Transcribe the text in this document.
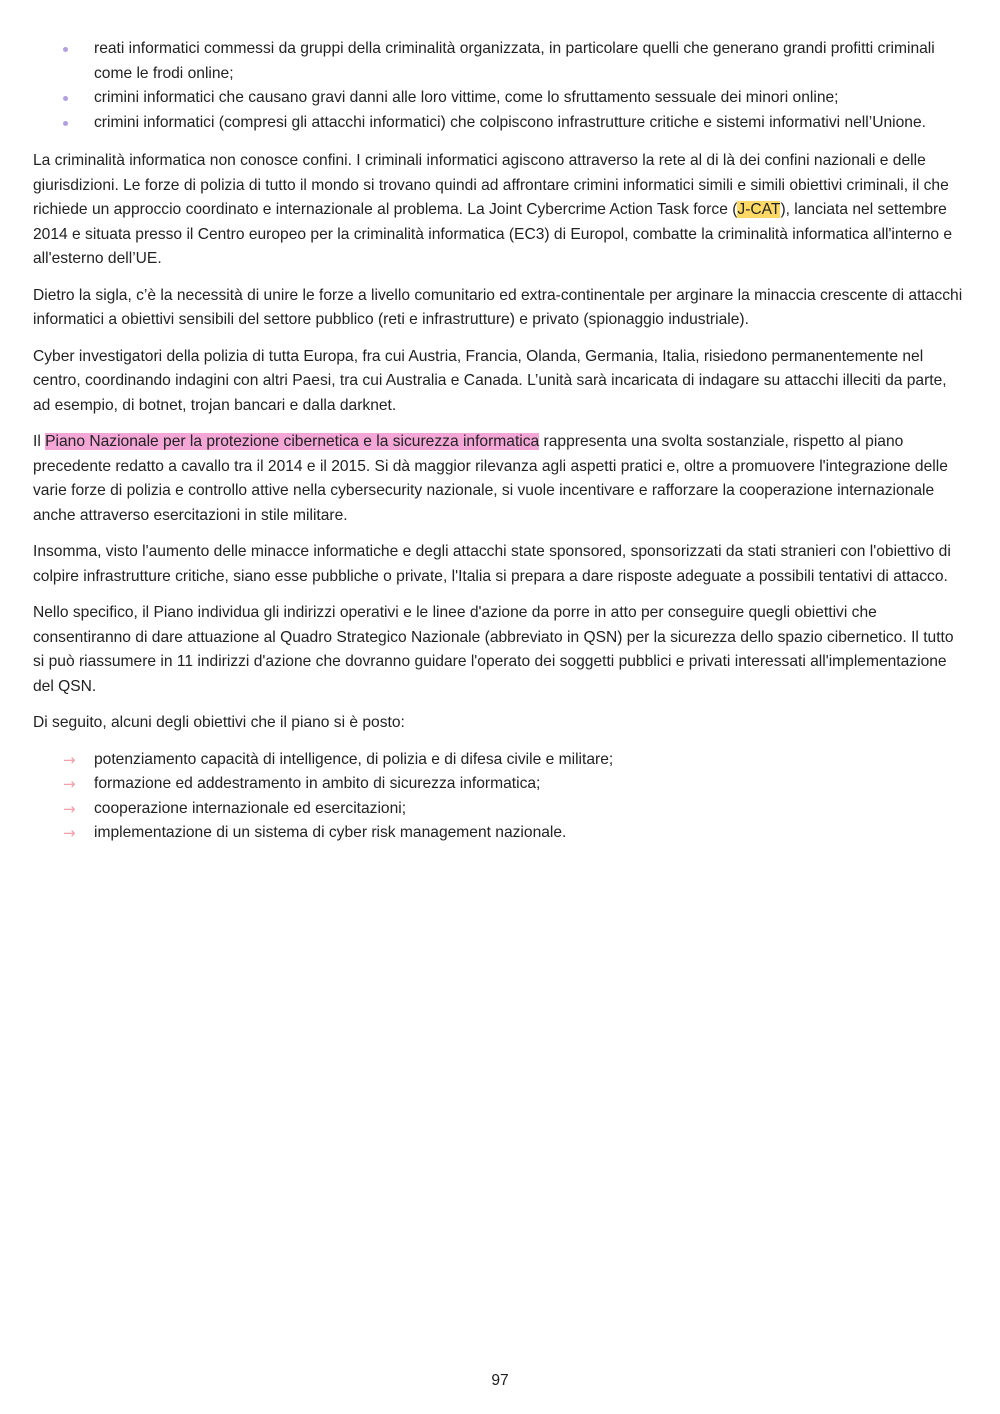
reati informatici commessi da gruppi della criminalità organizzata, in particolare quelli che generano grandi profitti criminali come le frodi online;
crimini informatici che causano gravi danni alle loro vittime, come lo sfruttamento sessuale dei minori online;
crimini informatici (compresi gli attacchi informatici) che colpiscono infrastrutture critiche e sistemi informativi nell’Unione.

La criminalità informatica non conosce confini. I criminali informatici agiscono attraverso la rete al di là dei confini nazionali e delle giurisdizioni. Le forze di polizia di tutto il mondo si trovano quindi ad affrontare crimini informatici simili e simili obiettivi criminali, il che richiede un approccio coordinato e internazionale al problema. La Joint Cybercrime Action Task force (J-CAT), lanciata nel settembre 2014 e situata presso il Centro europeo per la criminalità informatica (EC3) di Europol, combatte la criminalità informatica all'interno e all'esterno dell’UE.

Dietro la sigla, c’è la necessità di unire le forze a livello comunitario ed extra-continentale per arginare la minaccia crescente di attacchi informatici a obiettivi sensibili del settore pubblico (reti e infrastrutture) e privato (spionaggio industriale).

Cyber investigatori della polizia di tutta Europa, fra cui Austria, Francia, Olanda, Germania, Italia, risiedono permanentemente nel centro, coordinando indagini con altri Paesi, tra cui Australia e Canada. L’unità sarà incaricata di indagare su attacchi illeciti da parte, ad esempio, di botnet, trojan bancari e dalla darknet.

Il Piano Nazionale per la protezione cibernetica e la sicurezza informatica rappresenta una svolta sostanziale, rispetto al piano precedente redatto a cavallo tra il 2014 e il 2015. Si dà maggior rilevanza agli aspetti pratici e, oltre a promuovere l'integrazione delle varie forze di polizia e controllo attive nella cybersecurity nazionale, si vuole incentivare e rafforzare la cooperazione internazionale anche attraverso esercitazioni in stile militare.

Insomma, visto l'aumento delle minacce informatiche e degli attacchi state sponsored, sponsorizzati da stati stranieri con l'obiettivo di colpire infrastrutture critiche, siano esse pubbliche o private, l'Italia si prepara a dare risposte adeguate a possibili tentativi di attacco.

Nello specifico, il Piano individua gli indirizzi operativi e le linee d'azione da porre in atto per conseguire quegli obiettivi che consentiranno di dare attuazione al Quadro Strategico Nazionale (abbreviato in QSN) per la sicurezza dello spazio cibernetico. Il tutto si può riassumere in 11 indirizzi d'azione che dovranno guidare l'operato dei soggetti pubblici e privati interessati all'implementazione del QSN.

Di seguito, alcuni degli obiettivi che il piano si è posto:

→ potenziamento capacità di intelligence, di polizia e di difesa civile e militare;
→ formazione ed addestramento in ambito di sicurezza informatica;
→ cooperazione internazionale ed esercitazioni;
→ implementazione di un sistema di cyber risk management nazionale.
97
